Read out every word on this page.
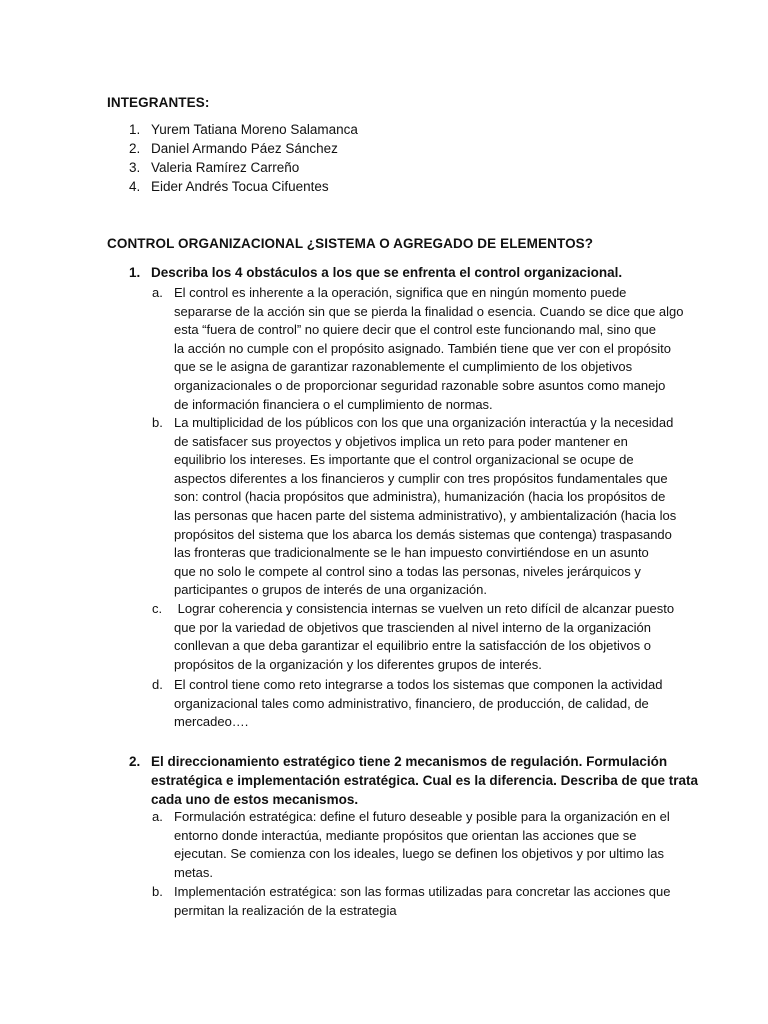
INTEGRANTES:
1. Yurem Tatiana Moreno Salamanca
2. Daniel Armando Páez Sánchez
3. Valeria Ramírez Carreño
4. Eider Andrés Tocua Cifuentes
CONTROL ORGANIZACIONAL ¿SISTEMA O AGREGADO DE ELEMENTOS?
1. Describa los 4 obstáculos a los que se enfrenta el control organizacional.
a. El control es inherente a la operación, significa que en ningún momento puede
separarse de la acción sin que se pierda la finalidad o esencia. Cuando se dice que algo
esta “fuera de control” no quiere decir que el control este funcionando mal, sino que
la acción no cumple con el propósito asignado. También tiene que ver con el propósito
que se le asigna de garantizar razonablemente el cumplimiento de los objetivos
organizacionales o de proporcionar seguridad razonable sobre asuntos como manejo
de información financiera o el cumplimiento de normas.
b. La multiplicidad de los públicos con los que una organización interactúa y la necesidad
de satisfacer sus proyectos y objetivos implica un reto para poder mantener en
equilibrio los intereses. Es importante que el control organizacional se ocupe de
aspectos diferentes a los financieros y cumplir con tres propósitos fundamentales que
son: control (hacia propósitos que administra), humanización (hacia los propósitos de
las personas que hacen parte del sistema administrativo), y ambientalización (hacia los
propósitos del sistema que los abarca los demás sistemas que contenga) traspasando
las fronteras que tradicionalmente se le han impuesto convirtiéndose en un asunto
que no solo le compete al control sino a todas las personas, niveles jerárquicos y
participantes o grupos de interés de una organización.
c. Lograr coherencia y consistencia internas se vuelven un reto difícil de alcanzar puesto
que por la variedad de objetivos que trascienden al nivel interno de la organización
conllevan a que deba garantizar el equilibrio entre la satisfacción de los objetivos o
propósitos de la organización y los diferentes grupos de interés.
d. El control tiene como reto integrarse a todos los sistemas que componen la actividad
organizacional tales como administrativo, financiero, de producción, de calidad, de
mercadeo….
2. El direccionamiento estratégico tiene 2 mecanismos de regulación. Formulación
estratégica e implementación estratégica. Cual es la diferencia. Describa de que trata
cada uno de estos mecanismos.
a. Formulación estratégica: define el futuro deseable y posible para la organización en el
entorno donde interactúa, mediante propósitos que orientan las acciones que se
ejecutan. Se comienza con los ideales, luego se definen los objetivos y por ultimo las
metas.
b. Implementación estratégica: son las formas utilizadas para concretar las acciones que
permitan la realización de la estrategia
